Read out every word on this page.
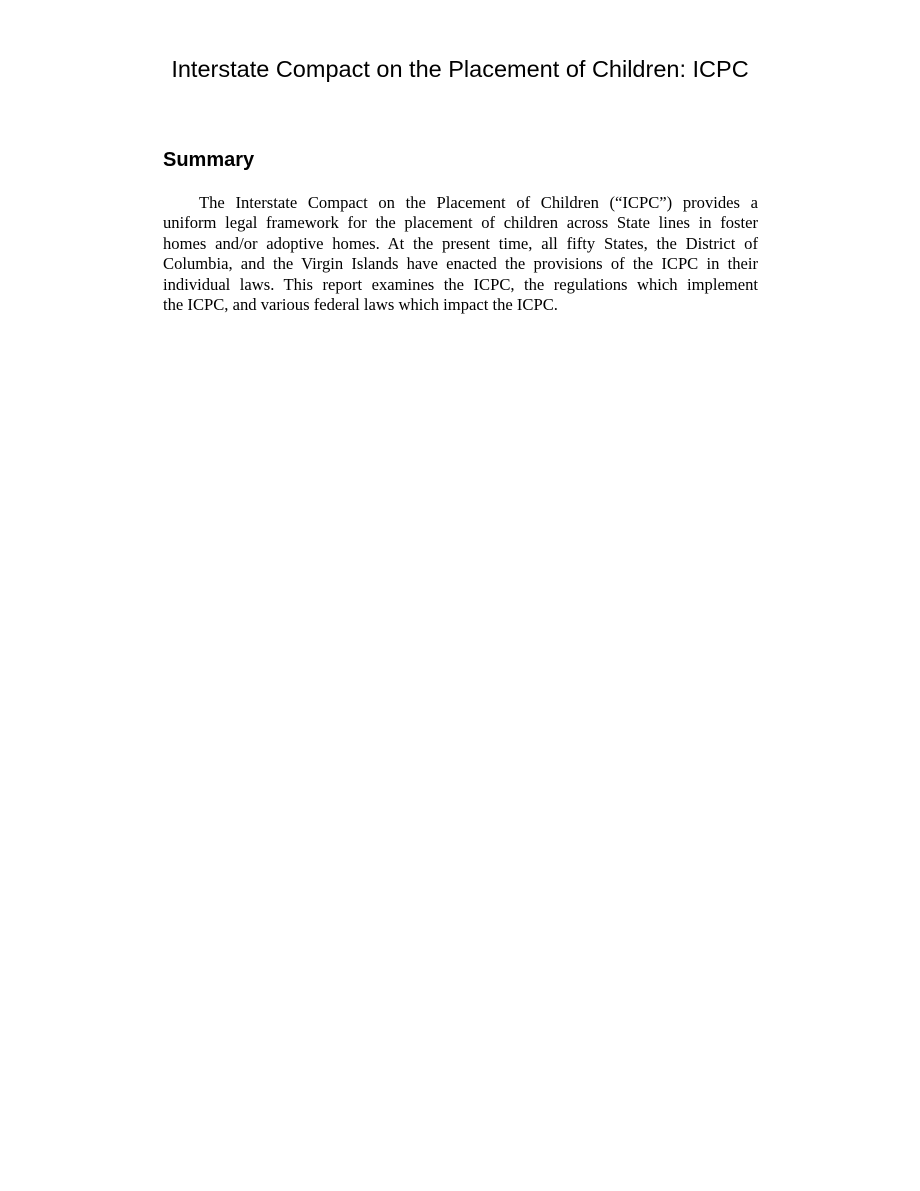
Interstate Compact on the Placement of Children: ICPC
Summary

The Interstate Compact on the Placement of Children (“ICPC”) provides a
uniform legal framework for the placement of children across State lines in foster
homes and/or adoptive homes. At the present time, all fifty States, the District of
Columbia, and the Virgin Islands have enacted the provisions of the ICPC in their
individual laws. This report examines the ICPC, the regulations which implement
the ICPC, and various federal laws which impact the ICPC.
